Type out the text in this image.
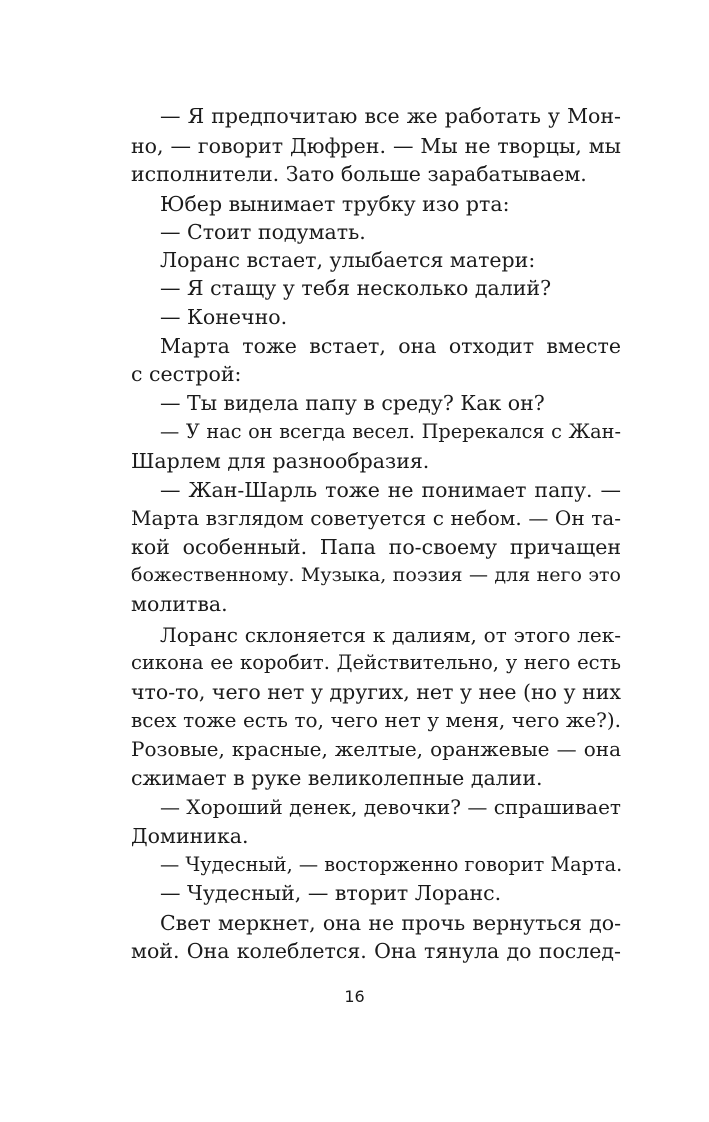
— Я предпочитаю все же работать у Мон-

но, — говорит Дюфрен. — Мы не творцы, мы

исполнители. Зато больше зарабатываем.

Юбер вынимает трубку изо рта:

— Стоит подумать.

Лоранс встает, улыбается матери:

— Я стащу у тебя несколько далий?

— Конечно.

Марта тоже встает, она отходит вместе

с сестрой:

— Ты видела папу в среду? Как он?

— У нас он всегда весел. Пререкался с Жан-

Шарлем для разнообразия.

— Жан-Шарль тоже не понимает папу. —

Марта взглядом советуется с небом. — Он та-

кой особенный. Папа по-своему причащен

божественному. Музыка, поэзия — для него это

молитва.

Лоранс склоняется к далиям, от этого лек-

сикона ее коробит. Действительно, у него есть

что-то, чего нет у других, нет у нее (но у них

всех тоже есть то, чего нет у меня, чего же?).

Розовые, красные, желтые, оранжевые — она

сжимает в руке великолепные далии.

— Хороший денек, девочки? — спрашивает

Доминика.

— Чудесный, — восторженно говорит Марта.

— Чудесный, — вторит Лоранс.

Свет меркнет, она не прочь вернуться до-

мой. Она колеблется. Она тянула до послед-

16
